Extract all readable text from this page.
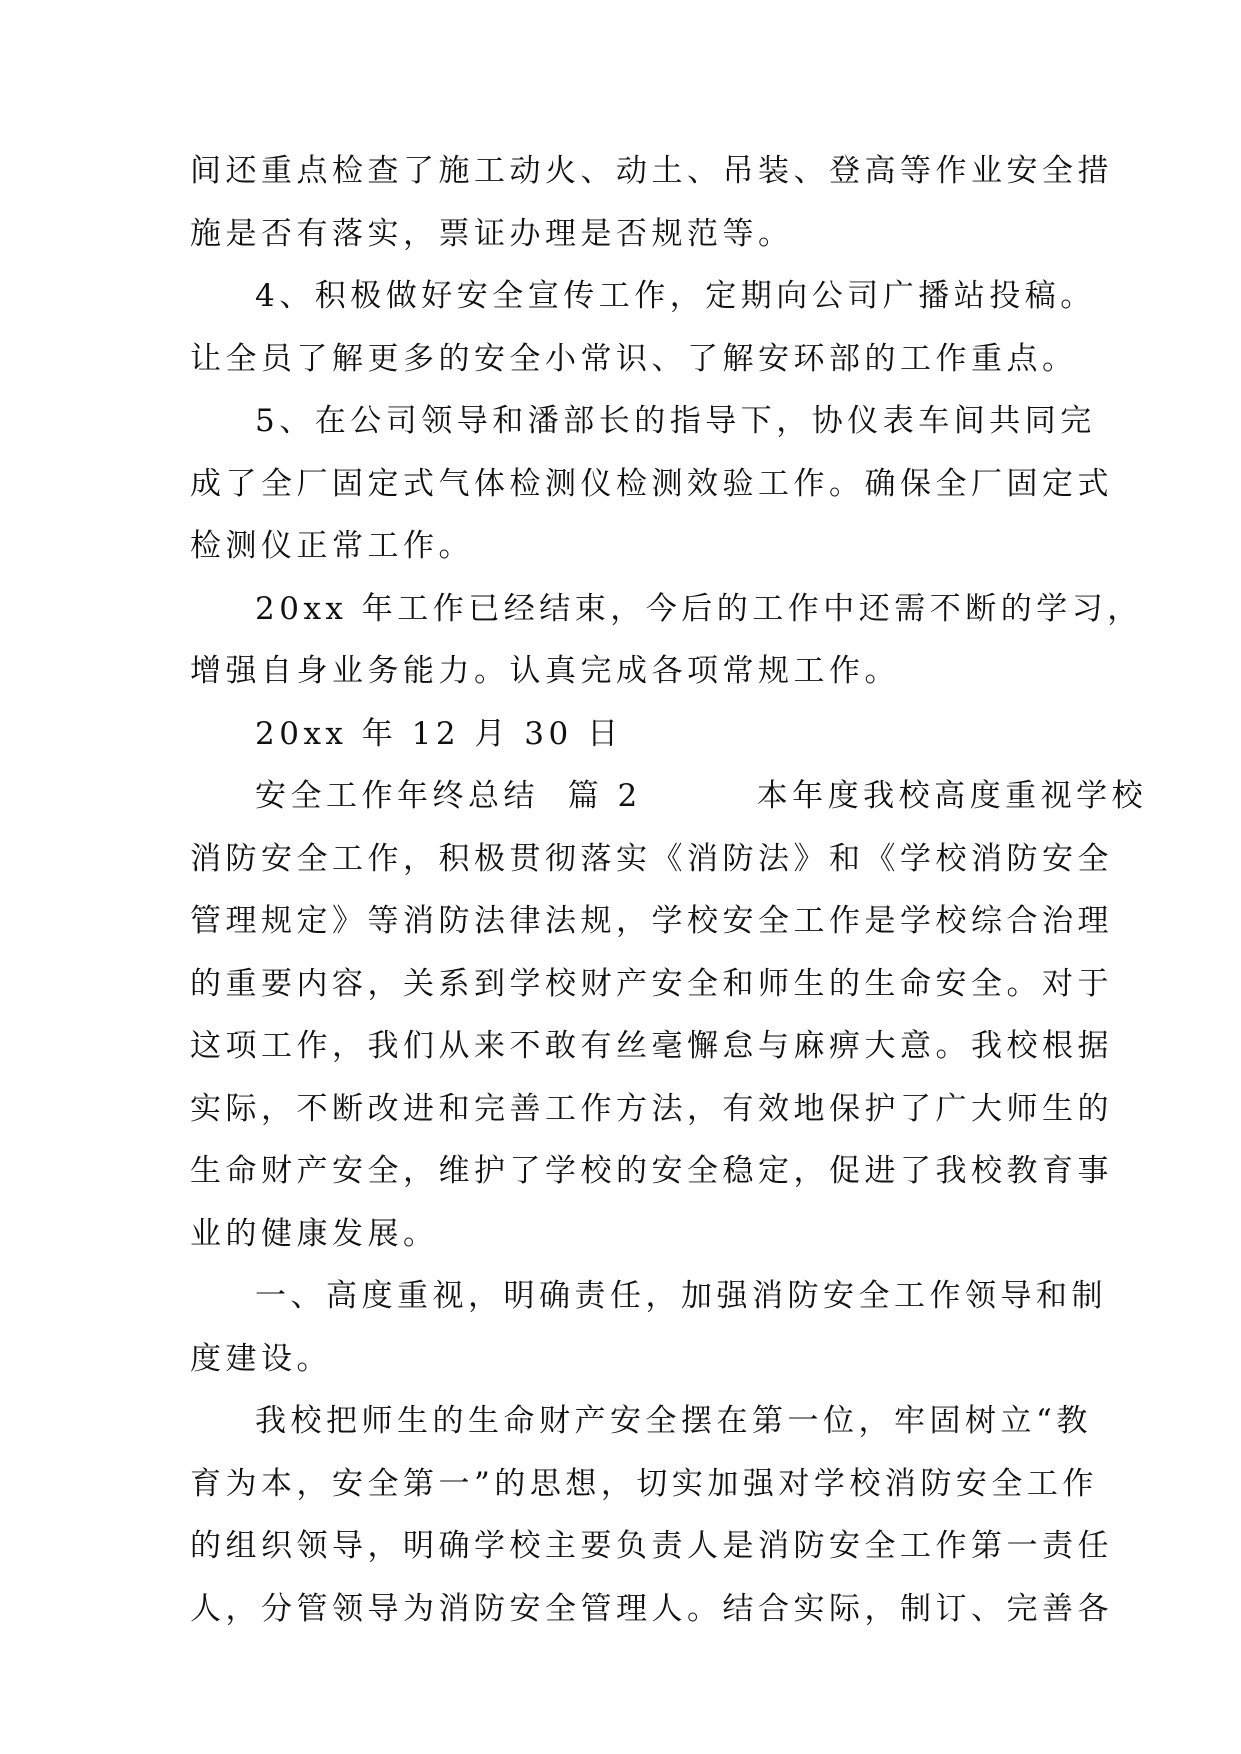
间还重点检查了施工动火、动土、吊装、登高等作业安全措
施是否有落实，票证办理是否规范等。
4、积极做好安全宣传工作，定期向公司广播站投稿。
让全员了解更多的安全小常识、了解安环部的工作重点。
5、在公司领导和潘部长的指导下，协仪表车间共同完
成了全厂固定式气体检测仪检测效验工作。确保全厂固定式
检测仪正常工作。
20xx 年工作已经结束，今后的工作中还需不断的学习，
增强自身业务能力。认真完成各项常规工作。
20xx 年 12 月 30 日
安全工作年终总结  篇 2        本年度我校高度重视学校
消防安全工作，积极贯彻落实《消防法》和《学校消防安全
管理规定》等消防法律法规，学校安全工作是学校综合治理
的重要内容，关系到学校财产安全和师生的生命安全。对于
这项工作，我们从来不敢有丝毫懈怠与麻痹大意。我校根据
实际，不断改进和完善工作方法，有效地保护了广大师生的
生命财产安全，维护了学校的安全稳定，促进了我校教育事
业的健康发展。
一、高度重视，明确责任，加强消防安全工作领导和制
度建设。
我校把师生的生命财产安全摆在第一位，牢固树立“教
育为本，安全第一”的思想，切实加强对学校消防安全工作
的组织领导，明确学校主要负责人是消防安全工作第一责任
人，分管领导为消防安全管理人。结合实际，制订、完善各
